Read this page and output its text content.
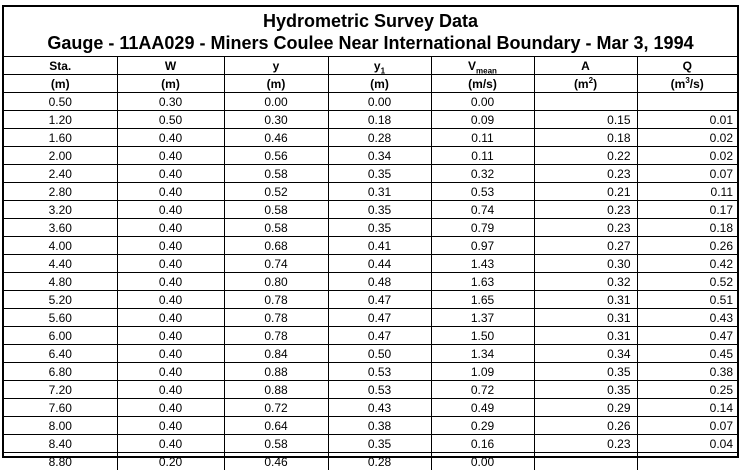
Hydrometric Survey Data
Gauge - 11AA029 - Miners Coulee Near International Boundary - Mar 3, 1994
Sta.	W	y	$y_1$	$V_{mean}$	A	Q
(m)	(m)	(m)	(m)	(m/s)	$(m^2)$	$(m^3/s)$
0.50	0.30	0.00	0.00	0.00		
1.20	0.50	0.30	0.18	0.09	0.15	0.01
1.60	0.40	0.46	0.28	0.11	0.18	0.02
2.00	0.40	0.56	0.34	0.11	0.22	0.02
2.40	0.40	0.58	0.35	0.32	0.23	0.07
2.80	0.40	0.52	0.31	0.53	0.21	0.11
3.20	0.40	0.58	0.35	0.74	0.23	0.17
3.60	0.40	0.58	0.35	0.79	0.23	0.18
4.00	0.40	0.68	0.41	0.97	0.27	0.26
4.40	0.40	0.74	0.44	1.43	0.30	0.42
4.80	0.40	0.80	0.48	1.63	0.32	0.52
5.20	0.40	0.78	0.47	1.65	0.31	0.51
5.60	0.40	0.78	0.47	1.37	0.31	0.43
6.00	0.40	0.78	0.47	1.50	0.31	0.47
6.40	0.40	0.84	0.50	1.34	0.34	0.45
6.80	0.40	0.88	0.53	1.09	0.35	0.38
7.20	0.40	0.88	0.53	0.72	0.35	0.25
7.60	0.40	0.72	0.43	0.49	0.29	0.14
8.00	0.40	0.64	0.38	0.29	0.26	0.07
8.40	0.40	0.58	0.35	0.16	0.23	0.04
8.80	0.20	0.46	0.28	0.00		
